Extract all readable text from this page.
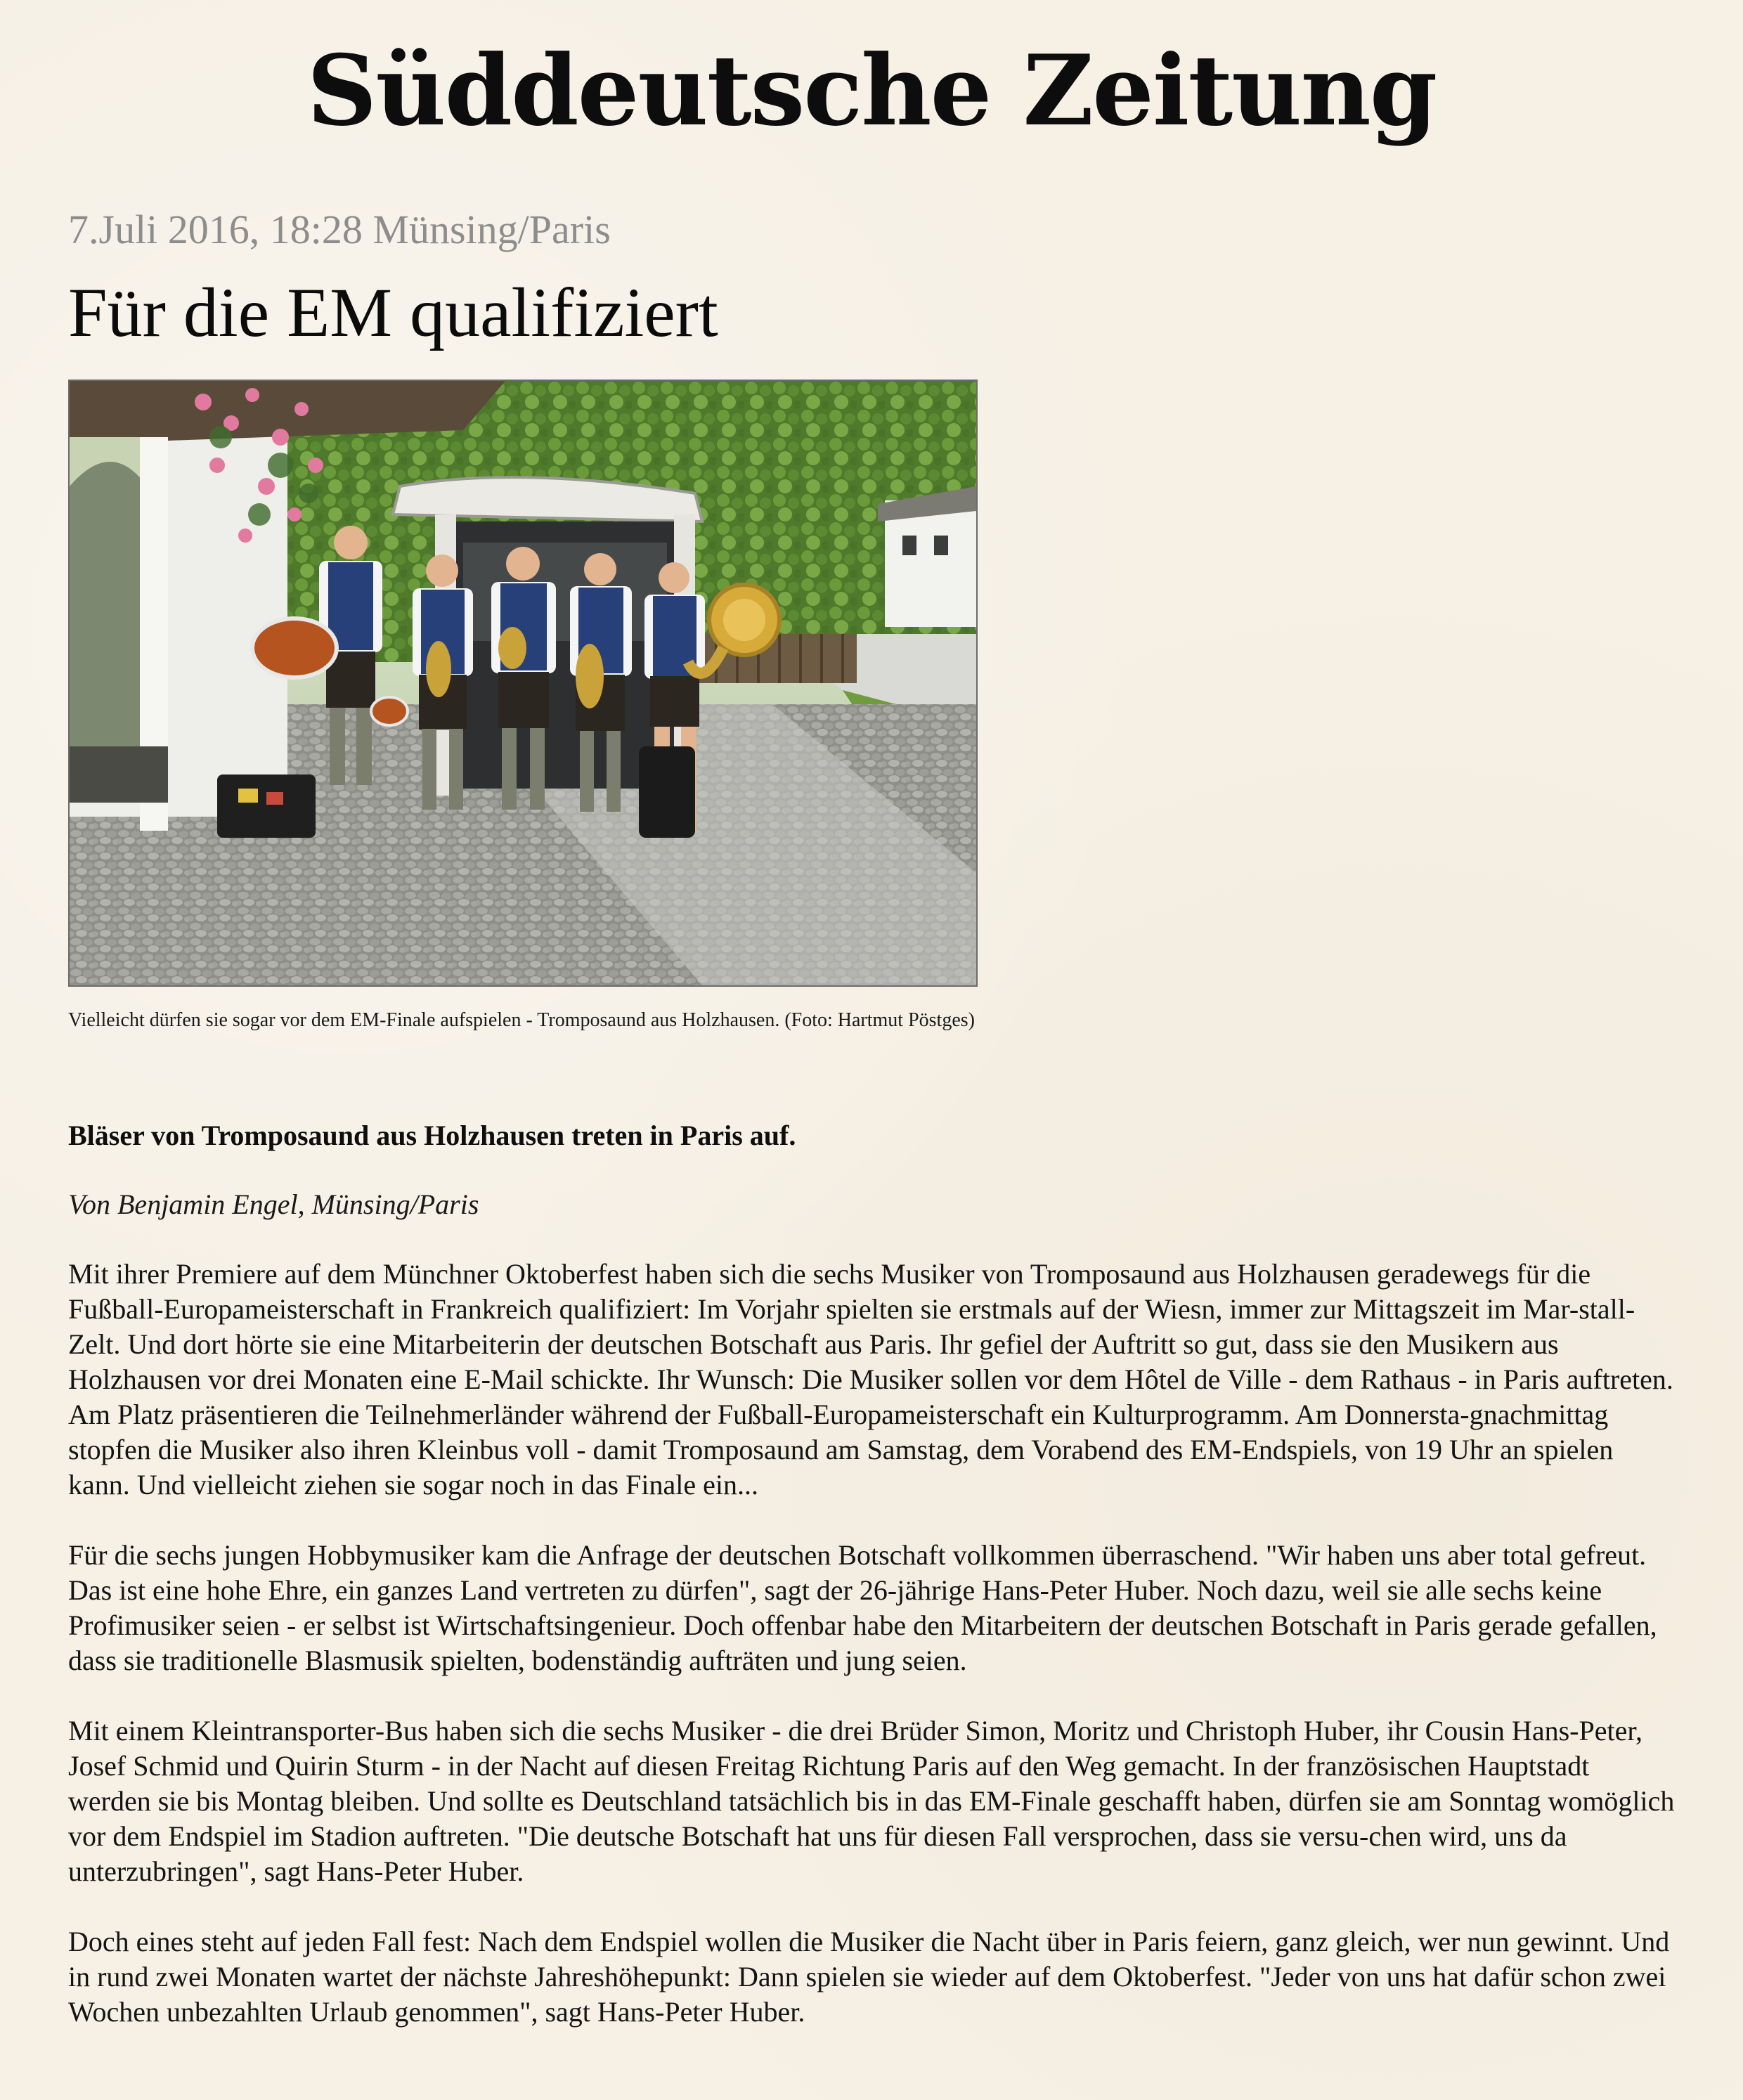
Süddeutsche Zeitung
7.Juli 2016, 18:28 Münsing/Paris
Für die EM qualifiziert
Vielleicht dürfen sie sogar vor dem EM-Finale aufspielen - Tromposaund aus Holzhausen. (Foto: Hartmut Pöstges)
Bläser von Tromposaund aus Holzhausen treten in Paris auf.
Von Benjamin Engel, Münsing/Paris

Mit ihrer Premiere auf dem Münchner Oktoberfest haben sich die sechs Musiker von Tromposaund aus Holzhausen geradewegs für die Fußball-Europameisterschaft in Frankreich qualifiziert: Im Vorjahr spielten sie erstmals auf der Wiesn, immer zur Mittagszeit im Mar-stall-Zelt. Und dort hörte sie eine Mitarbeiterin der deutschen Botschaft aus Paris. Ihr gefiel der Auftritt so gut, dass sie den Musikern aus Holzhausen vor drei Monaten eine E-Mail schickte. Ihr Wunsch: Die Musiker sollen vor dem Hôtel de Ville - dem Rathaus - in Paris auftreten. Am Platz präsentieren die Teilnehmerländer während der Fußball-Europameisterschaft ein Kulturprogramm. Am Donnersta-gnachmittag stopfen die Musiker also ihren Kleinbus voll - damit Tromposaund am Samstag, dem Vorabend des EM-Endspiels, von 19 Uhr an spielen kann. Und vielleicht ziehen sie sogar noch in das Finale ein...

Für die sechs jungen Hobbymusiker kam die Anfrage der deutschen Botschaft vollkommen überraschend. "Wir haben uns aber total gefreut. Das ist eine hohe Ehre, ein ganzes Land vertreten zu dürfen", sagt der 26-jährige Hans-Peter Huber. Noch dazu, weil sie alle sechs keine Profimusiker seien - er selbst ist Wirtschaftsingenieur. Doch offenbar habe den Mitarbeitern der deutschen Botschaft in Paris gerade gefallen, dass sie traditionelle Blasmusik spielten, bodenständig aufträten und jung seien.

Mit einem Kleintransporter-Bus haben sich die sechs Musiker - die drei Brüder Simon, Moritz und Christoph Huber, ihr Cousin Hans-Peter, Josef Schmid und Quirin Sturm - in der Nacht auf diesen Freitag Richtung Paris auf den Weg gemacht. In der französischen Hauptstadt werden sie bis Montag bleiben. Und sollte es Deutschland tatsächlich bis in das EM-Finale geschafft haben, dürfen sie am Sonntag womöglich vor dem Endspiel im Stadion auftreten. "Die deutsche Botschaft hat uns für diesen Fall versprochen, dass sie versu-chen wird, uns da unterzubringen", sagt Hans-Peter Huber.

Doch eines steht auf jeden Fall fest: Nach dem Endspiel wollen die Musiker die Nacht über in Paris feiern, ganz gleich, wer nun gewinnt. Und in rund zwei Monaten wartet der nächste Jahreshöhepunkt: Dann spielen sie wieder auf dem Oktoberfest. "Jeder von uns hat dafür schon zwei Wochen unbezahlten Urlaub genommen", sagt Hans-Peter Huber.
